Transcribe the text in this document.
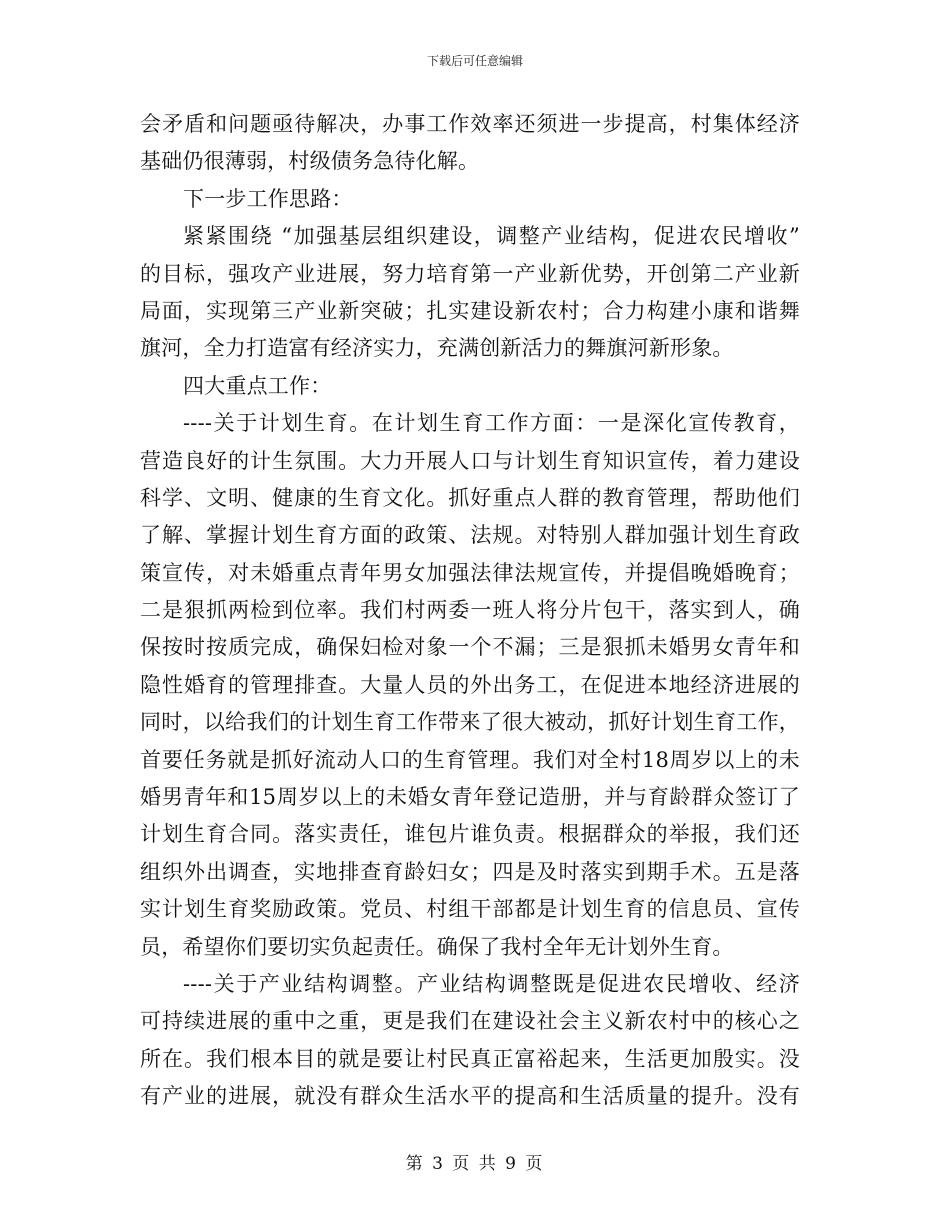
下载后可任意编辑
会矛盾和问题亟待解决，办事工作效率还须进一步提高，村集体经济
基础仍很薄弱，村级债务急待化解。
下一步工作思路：
紧紧围绕 “加强基层组织建设，调整产业结构，促进农民增收”
的目标，强攻产业进展，努力培育第一产业新优势，开创第二产业新
局面，实现第三产业新突破；扎实建设新农村；合力构建小康和谐舞
旗河，全力打造富有经济实力，充满创新活力的舞旗河新形象。
四大重点工作：
----关于计划生育。在计划生育工作方面：一是深化宣传教育，
营造良好的计生氛围。大力开展人口与计划生育知识宣传，着力建设
科学、文明、健康的生育文化。抓好重点人群的教育管理，帮助他们
了解、掌握计划生育方面的政策、法规。对特别人群加强计划生育政
策宣传，对未婚重点青年男女加强法律法规宣传，并提倡晚婚晚育；
二是狠抓两检到位率。我们村两委一班人将分片包干，落实到人，确
保按时按质完成，确保妇检对象一个不漏；三是狠抓未婚男女青年和
隐性婚育的管理排查。大量人员的外出务工，在促进本地经济进展的
同时，以给我们的计划生育工作带来了很大被动，抓好计划生育工作，
首要任务就是抓好流动人口的生育管理。我们对全村18周岁以上的未
婚男青年和15周岁以上的未婚女青年登记造册，并与育龄群众签订了
计划生育合同。落实责任，谁包片谁负责。根据群众的举报，我们还
组织外出调查，实地排查育龄妇女；四是及时落实到期手术。五是落
实计划生育奖励政策。党员、村组干部都是计划生育的信息员、宣传
员，希望你们要切实负起责任。确保了我村全年无计划外生育。
----关于产业结构调整。产业结构调整既是促进农民增收、经济
可持续进展的重中之重，更是我们在建设社会主义新农村中的核心之
所在。我们根本目的就是要让村民真正富裕起来，生活更加殷实。没
有产业的进展，就没有群众生活水平的提高和生活质量的提升。没有
第 3 页 共 9 页
